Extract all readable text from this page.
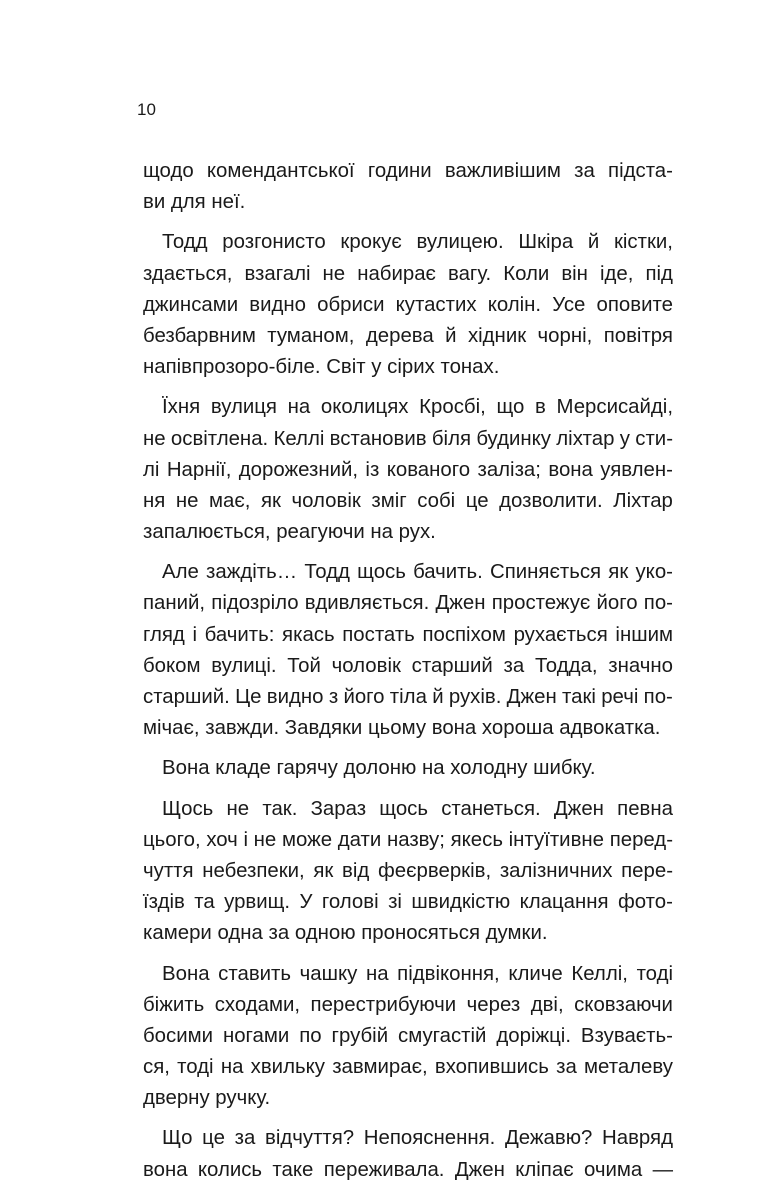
10
щодо комендантської години важливішим за підста-
ви для неї.
Тодд розгонисто крокує вулицею. Шкіра й кістки,
здається, взагалі не набирає вагу. Коли він іде, під
джинсами видно обриси кутастих колін. Усе оповите
безбарвним туманом, дерева й хідник чорні, повітря
напівпрозоро-біле. Світ у сірих тонах.
Їхня вулиця на околицях Кросбі, що в Мерсисайді,
не освітлена. Келлі встановив біля будинку ліхтар у сти-
лі Нарнії, дорожезний, із кованого заліза; вона уявлен-
ня не має, як чоловік зміг собі це дозволити. Ліхтар
запалюється, реагуючи на рух.
Але заждіть… Тодд щось бачить. Спиняється як уко-
паний, підозріло вдивляється. Джен простежує його по-
гляд і бачить: якась постать поспіхом рухається іншим
боком вулиці. Той чоловік старший за Тодда, значно
старший. Це видно з його тіла й рухів. Джен такі речі по-
мічає, завжди. Завдяки цьому вона хороша адвокатка.
Вона кладе гарячу долоню на холодну шибку.
Щось не так. Зараз щось станеться. Джен певна
цього, хоч і не може дати назву; якесь інтуїтивне перед-
чуття небезпеки, як від феєрверків, залізничних пере-
їздів та урвищ. У голові зі швидкістю клацання фото-
камери одна за одною проносяться думки.
Вона ставить чашку на підвіконня, кличе Келлі, тоді
біжить сходами, перестрибуючи через дві, сковзаючи
босими ногами по грубій смугастій доріжці. Взуваєть-
ся, тоді на хвильку завмирає, вхопившись за металеву
дверну ручку.
Що це за відчуття? Непояснення. Дежавю? Навряд
вона колись таке переживала. Джен кліпає очима —
